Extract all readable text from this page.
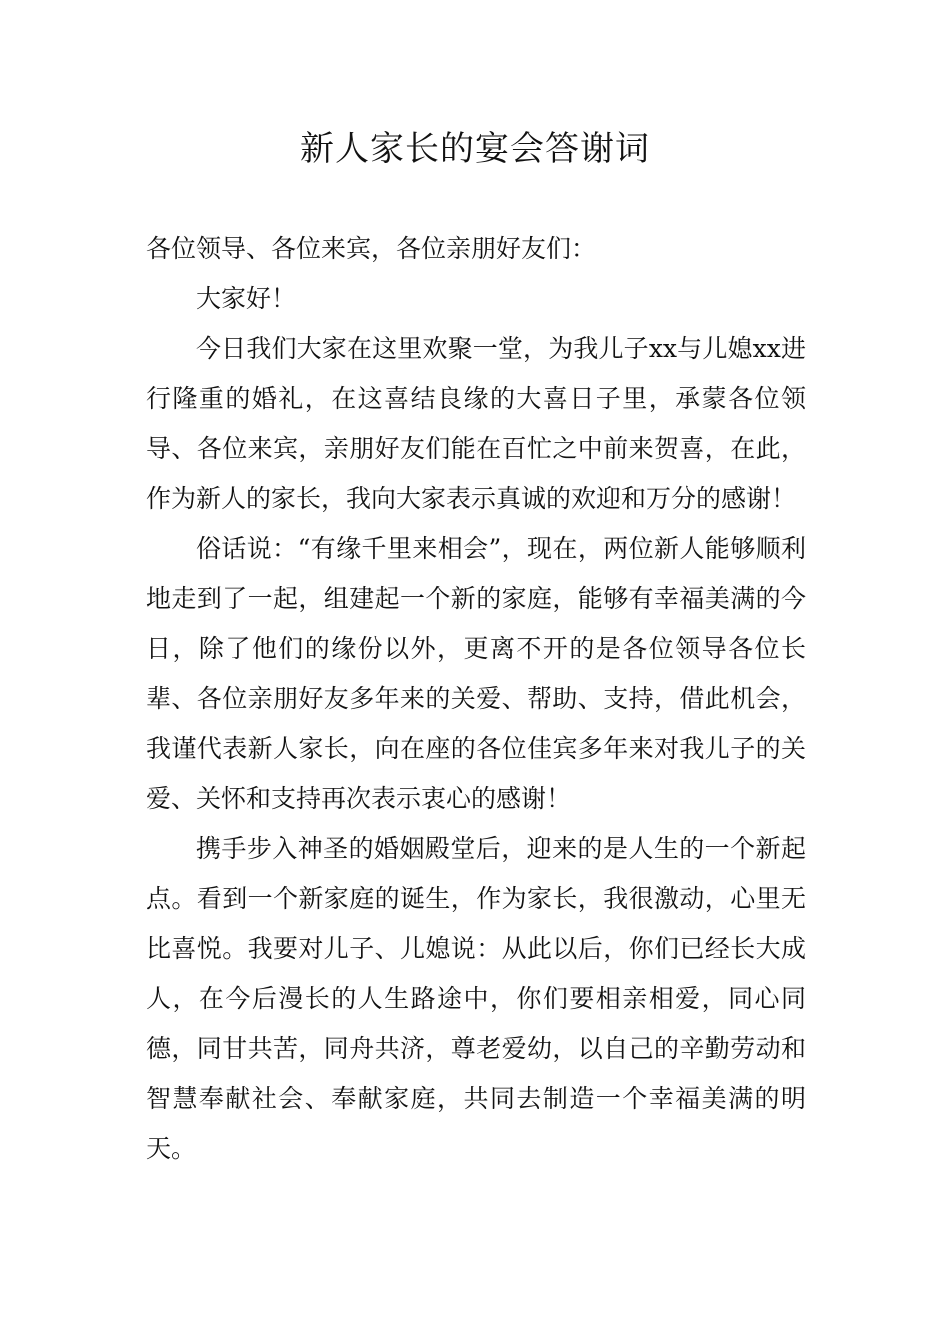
新人家长的宴会答谢词

各位领导、各位来宾，各位亲朋好友们：

大家好！

今日我们大家在这里欢聚一堂，为我儿子xx与儿媳xx进行隆重的婚礼，在这喜结良缘的大喜日子里，承蒙各位领导、各位来宾，亲朋好友们能在百忙之中前来贺喜，在此，作为新人的家长，我向大家表示真诚的欢迎和万分的感谢！

俗话说：“有缘千里来相会”，现在，两位新人能够顺利地走到了一起，组建起一个新的家庭，能够有幸福美满的今日，除了他们的缘份以外，更离不开的是各位领导各位长辈、各位亲朋好友多年来的关爱、帮助、支持，借此机会，我谨代表新人家长，向在座的各位佳宾多年来对我儿子的关爱、关怀和支持再次表示衷心的感谢！

携手步入神圣的婚姻殿堂后，迎来的是人生的一个新起点。看到一个新家庭的诞生，作为家长，我很激动，心里无比喜悦。我要对儿子、儿媳说：从此以后，你们已经长大成人，在今后漫长的人生路途中，你们要相亲相爱，同心同德，同甘共苦，同舟共济，尊老爱幼，以自己的辛勤劳动和智慧奉献社会、奉献家庭，共同去制造一个幸福美满的明天。
